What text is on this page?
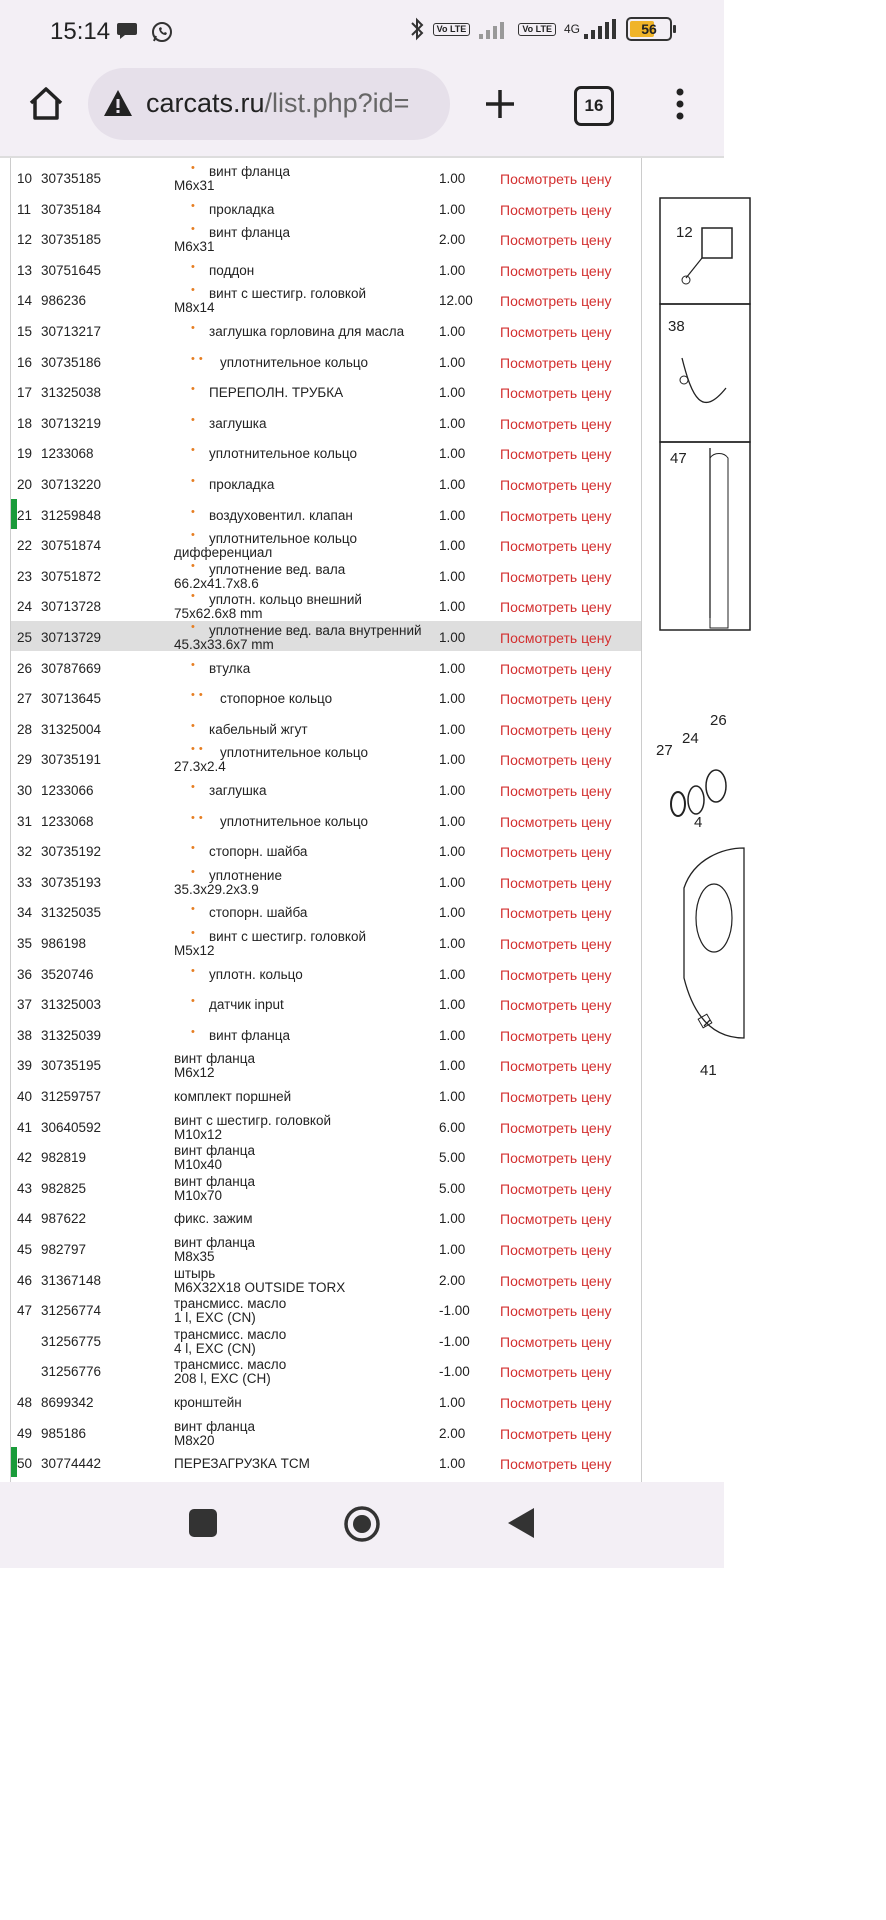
15:14	Vo LTE	Vo LTE	4G	56
carcats.ru/list.php?id=	16
10 30735185
• винт фланца
M6x31	1.00 Посмотреть цену
11 30735184	• прокладка	1.00 Посмотреть цену
12 30735185
• винт фланца
M6x31	2.00 Посмотреть цену
13 30751645	• поддон	1.00 Посмотреть цену
14 986236
• винт с шестигр. головкой
M8x14	12.00 Посмотреть цену
15 30713217	• заглушка горловина для масла	1.00 Посмотреть цену
16 30735186	•• уплотнительное кольцо	1.00 Посмотреть цену
17 31325038	• ПЕРЕПОЛН. ТРУБКА	1.00 Посмотреть цену
18 30713219	• заглушка	1.00 Посмотреть цену
19 1233068	• уплотнительное кольцо	1.00 Посмотреть цену
20 30713220	• прокладка	1.00 Посмотреть цену
21 31259848	• воздуховентил. клапан	1.00 Посмотреть цену
22 30751874
• уплотнительное кольцо
дифференциал	1.00 Посмотреть цену
23 30751872
• уплотнение вед. вала
66.2x41.7x8.6	1.00 Посмотреть цену
24 30713728
• уплотн. кольцо внешний
75x62.6x8 mm	1.00 Посмотреть цену
25 30713729
• уплотнение вед. вала внутренний
45.3x33.6x7 mm	1.00 Посмотреть цену
26 30787669	• втулка	1.00 Посмотреть цену
27 30713645	•• стопорное кольцо	1.00 Посмотреть цену
28 31325004	• кабельный жгут	1.00 Посмотреть цену
29 30735191
•• уплотнительное кольцо
27.3x2.4	1.00 Посмотреть цену
30 1233066	• заглушка	1.00 Посмотреть цену
31 1233068	•• уплотнительное кольцо	1.00 Посмотреть цену
32 30735192	• стопорн. шайба	1.00 Посмотреть цену
33 30735193
• уплотнение
35.3x29.2x3.9	1.00 Посмотреть цену
34 31325035	• стопорн. шайба	1.00 Посмотреть цену
35 986198
• винт с шестигр. головкой
M5x12	1.00 Посмотреть цену
36 3520746	• уплотн. кольцо	1.00 Посмотреть цену
37 31325003	• датчик input	1.00 Посмотреть цену
38 31325039	• винт фланца	1.00 Посмотреть цену
39 30735195	винт фланца
M6x12	1.00 Посмотреть цену
40 31259757	комплект поршней	1.00 Посмотреть цену
41 30640592	винт с шестигр. головкой
M10x12	6.00 Посмотреть цену
42 982819	винт фланца
M10x40	5.00 Посмотреть цену
43 982825	винт фланца
M10x70	5.00 Посмотреть цену
44 987622	фикс. зажим	1.00 Посмотреть цену
45 982797	винт фланца
M8x35	1.00 Посмотреть цену
46 31367148	штырь
M6X32X18 OUTSIDE TORX	2.00 Посмотреть цену
47 31256774	трансмисс. масло
1 l, EXC (CN)	-1.00 Посмотреть цену
31256775	трансмисс. масло
4 l, EXC (CN)	-1.00 Посмотреть цену
31256776	трансмисс. масло
208 l, EXC (CH)	-1.00 Посмотреть цену
48 8699342	кронштейн	1.00 Посмотреть цену
49 985186	винт фланца
M8x20	2.00 Посмотреть цену
50 30774442	ПЕРЕЗАГРУЗКА TCM	1.00 Посмотреть цену
12
38
47
27
24
26
4
41
